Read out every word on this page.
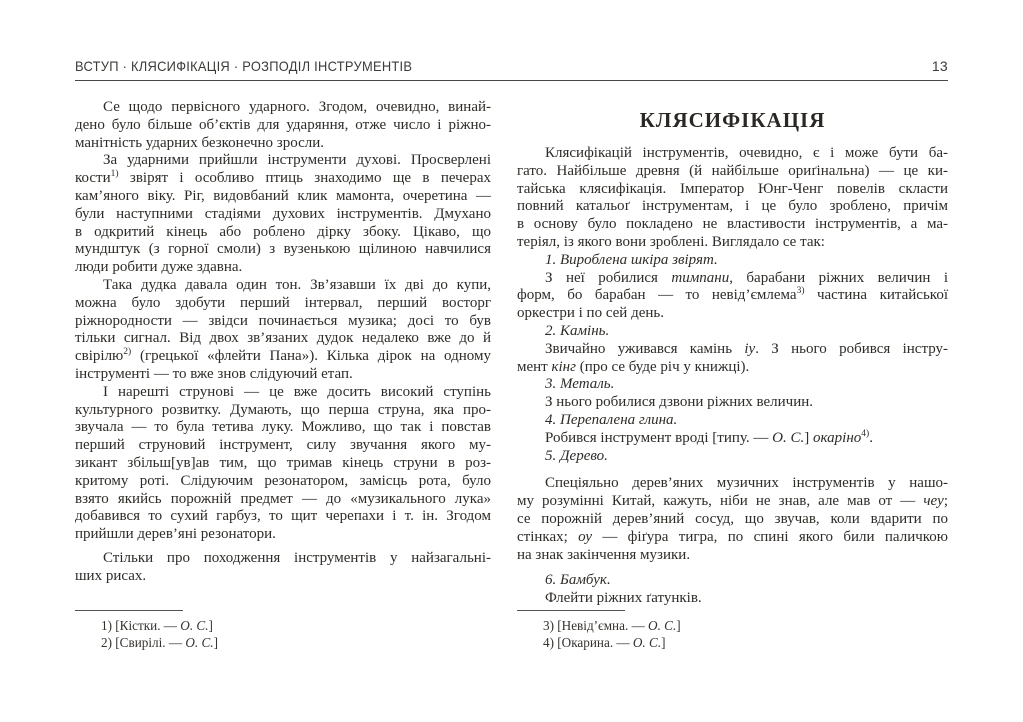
ВСТУП · КЛЯСИФІКАЦІЯ · РОЗПОДІЛ ІНСТРУМЕНТІВ	13
Се щодо первісного ударного. Згодом, очевидно, винай-
дено було більше об’єктів для ударяння, отже число і ріжно-
манітність ударних безконечно зросли.
За ударними прийшли інструменти духові. Просверлені
кости$^{1)}$ звірят і особливо птиць знаходимо ще в печерах
кам’яного віку. Ріг, видовбаний клик мамонта, очеретина —
були наступними стадіями духових інструментів. Дмухано
в одкритий кінець або роблено дірку збоку. Цікаво, що
мундштук (з горної смоли) з вузенькою щілиною навчилися
люди робити дуже здавна.
Така дудка давала один тон. Зв’язавши їх дві до купи,
можна було здобути перший інтервал, перший восторг
ріжнородности — звідси починається музика; досі то був
тільки сигнал. Від двох зв’язаних дудок недалеко вже до й
свірілю$^{2)}$ (грецької «флейти Пана»). Кілька дірок на одному
інструменті — то вже знов слідуючий етап.
І нарешті струнові — це вже досить високий ступінь
культурного розвитку. Думають, що перша струна, яка про-
звучала — то була тетива луку. Можливо, що так і повстав
перший струновий інструмент, силу звучання якого му-
зикант збільш[ув]ав тим, що тримав кінець струни в роз-
критому роті. Слідуючим резонатором, замісць рота, було
взято якийсь порожній предмет — до «музикального лука»
добавився то сухий гарбуз, то щит черепахи і т. ін. Згодом
прийшли дерев’яні резонатори.
Стільки про походження інструментів у найзагальні-
ших рисах.
1) [Кістки. — О. С.]
2) [Свирілі. — О. С.]
КЛЯСИФІКАЦІЯ
Клясифікацій інструментів, очевидно, є і може бути ба-
гато. Найбільше древня (й найбільше ориґінальна) — це ки-
тайська клясифікація. Імператор Юнг-Ченг повелів скласти
повний катальоґ інструментам, і це було зроблено, причім
в основу було покладено не властивости інструментів, а ма-
теріял, із якого вони зроблені. Виглядало се так:
1. Вироблена шкіра звірят.
З неї робилися тимпани, барабани ріжних величин і
форм, бо барабан — то невід’ємлема$^{3)}$ частина китайської
оркестри і по сей день.
2. Камінь.
Звичайно уживався камінь іу. З нього робився інстру-
мент кінг (про се буде річ у книжці).
3. Металь.
З нього робилися дзвони ріжних величин.
4. Перепалена глина.
Робився інструмент вроді [типу. — О. С.] окаріно$^{4)}$.
5. Дерево.
Спеціяльно дерев’яних музичних інструментів у нашо-
му розумінні Китай, кажуть, ніби не знав, але мав от — чеу;
се порожній дерев’яний сосуд, що звучав, коли вдарити по
стінках; оу — фіґура тигра, по спині якого били паличкою
на знак закінчення музики.
6. Бамбук.
Флейти ріжних ґатунків.
3) [Невід’ємна. — О. С.]
4) [Окарина. — О. С.]
